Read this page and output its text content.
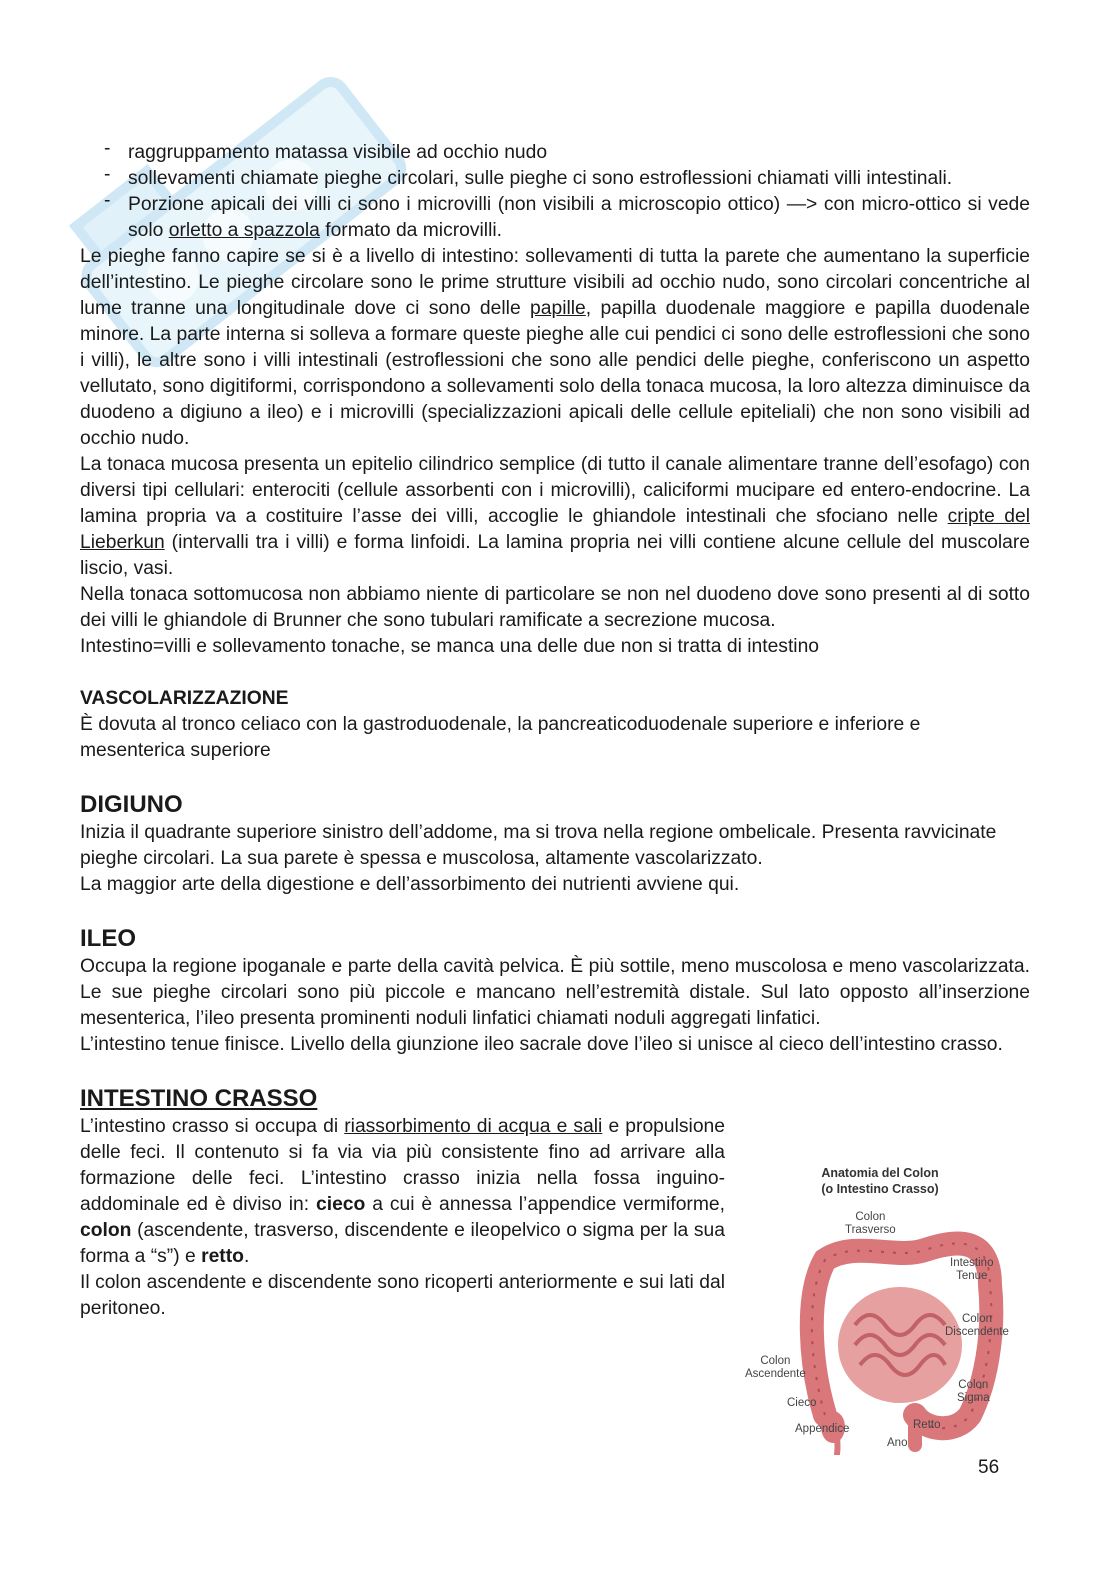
- raggruppamento matassa visibile ad occhio nudo
- sollevamenti chiamate pieghe circolari, sulle pieghe ci sono estroflessioni chiamati villi intestinali.
- Porzione apicali dei villi ci sono i microvilli (non visibili a microscopio ottico) —> con micro-ottico si vede solo orletto a spazzola formato da microvilli.

Le pieghe fanno capire se si è a livello di intestino: sollevamenti di tutta la parete che aumentano la superficie dell’intestino. Le pieghe circolare sono le prime strutture visibili ad occhio nudo, sono circolari concentriche al lume tranne una longitudinale dove ci sono delle papille, papilla duodenale maggiore e papilla duodenale minore. La parte interna si solleva a formare queste pieghe alle cui pendici ci sono delle estroflessioni che sono i villi), le altre sono i villi intestinali (estroflessioni che sono alle pendici delle pieghe, conferiscono un aspetto vellutato, sono digitiformi, corrispondono a sollevamenti solo della tonaca mucosa, la loro altezza diminuisce da duodeno a digiuno a ileo) e i microvilli (specializzazioni apicali delle cellule epiteliali) che non sono visibili ad occhio nudo.

La tonaca mucosa presenta un epitelio cilindrico semplice (di tutto il canale alimentare tranne dell’esofago) con diversi tipi cellulari: enterociti (cellule assorbenti con i microvilli), caliciformi mucipare ed entero-endocrine. La lamina propria va a costituire l’asse dei villi, accoglie le ghiandole intestinali che sfociano nelle cripte del Lieberkun (intervalli tra i villi) e forma linfoidi. La lamina propria nei villi contiene alcune cellule del muscolare liscio, vasi.

Nella tonaca sottomucosa non abbiamo niente di particolare se non nel duodeno dove sono presenti al di sotto dei villi le ghiandole di Brunner che sono tubulari ramificate a secrezione mucosa.

Intestino=villi e sollevamento tonache, se manca una delle due non si tratta di intestino

VASCOLARIZZAZIONE

È dovuta al tronco celiaco con la gastroduodenale, la pancreaticoduodenale superiore e inferiore e mesenterica superiore

DIGIUNO

Inizia il quadrante superiore sinistro dell’addome, ma si trova nella regione ombelicale. Presenta ravvicinate pieghe circolari. La sua parete è spessa e muscolosa, altamente vascolarizzato.

La maggior arte della digestione e dell’assorbimento dei nutrienti avviene qui.

ILEO

Occupa la regione ipoganale e parte della cavità pelvica. È più sottile, meno muscolosa e meno vascolarizzata. Le sue pieghe circolari sono più piccole e mancano nell’estremità distale. Sul lato opposto all’inserzione mesenterica, l’ileo presenta prominenti noduli linfatici chiamati noduli aggregati linfatici.

L’intestino tenue finisce. Livello della giunzione ileo sacrale dove l’ileo si unisce al cieco dell’intestino crasso.

INTESTINO CRASSO

L’intestino crasso si occupa di riassorbimento di acqua e sali e propulsione delle feci. Il contenuto si fa via via più consistente fino ad arrivare alla formazione delle feci. L’intestino crasso inizia nella fossa inguino-addominale ed è diviso in: cieco a cui è annessa l’appendice vermiforme, colon (ascendente, trasverso, discendente e ileopelvico o sigma per la sua forma a “s”) e retto.

Il colon ascendente e discendente sono ricoperti anteriormente e sui lati dal peritoneo.

Anatomia del Colon
(o Intestino Crasso)
Colon
Trasverso
Intestino
Tenue
Colon
Discendente
Colon
Ascendente
Colon
Sigma
Cieco
Retto
Appendice
Ano
56
